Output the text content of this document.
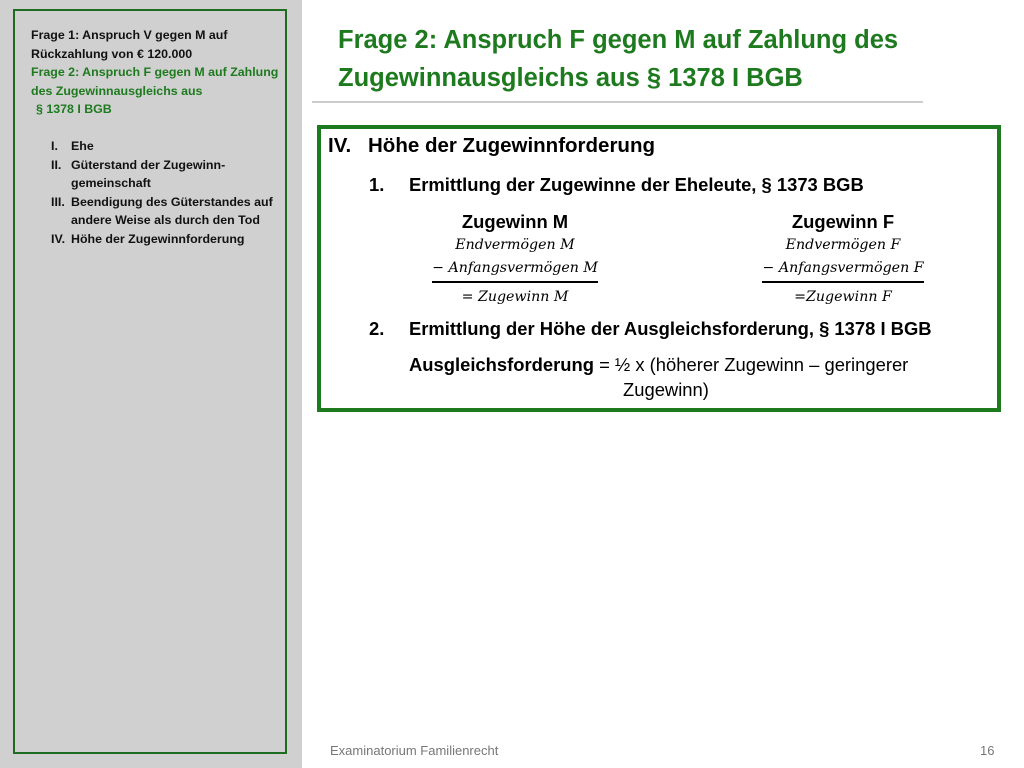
Frage 1: Anspruch V gegen M auf Rückzahlung von € 120.000
Frage 2: Anspruch F gegen M auf Zahlung des Zugewinnausgleichs aus
§ 1378 I BGB
I.	Ehe
II. Güterstand der Zugewinn-gemeinschaft
III. Beendigung des Güterstandes auf andere Weise als durch den Tod
IV. Höhe der Zugewinnforderung
Frage 2: Anspruch F gegen M auf Zahlung des Zugewinnausgleichs aus § 1378 I BGB
IV. Höhe der Zugewinnforderung
1. Ermittlung der Zugewinne der Eheleute, § 1373 BGB
Zugewinn M
Endvermögen M
− Anfangsvermögen M
= Zugewinn M
Zugewinn F
Endvermögen F
− Anfangsvermögen F
=Zugewinn F
2. Ermittlung der Höhe der Ausgleichsforderung, § 1378 I BGB
Ausgleichsforderung = ½ x (höherer Zugewinn – geringerer
Zugewinn)
Examinatorium Familienrecht	16
